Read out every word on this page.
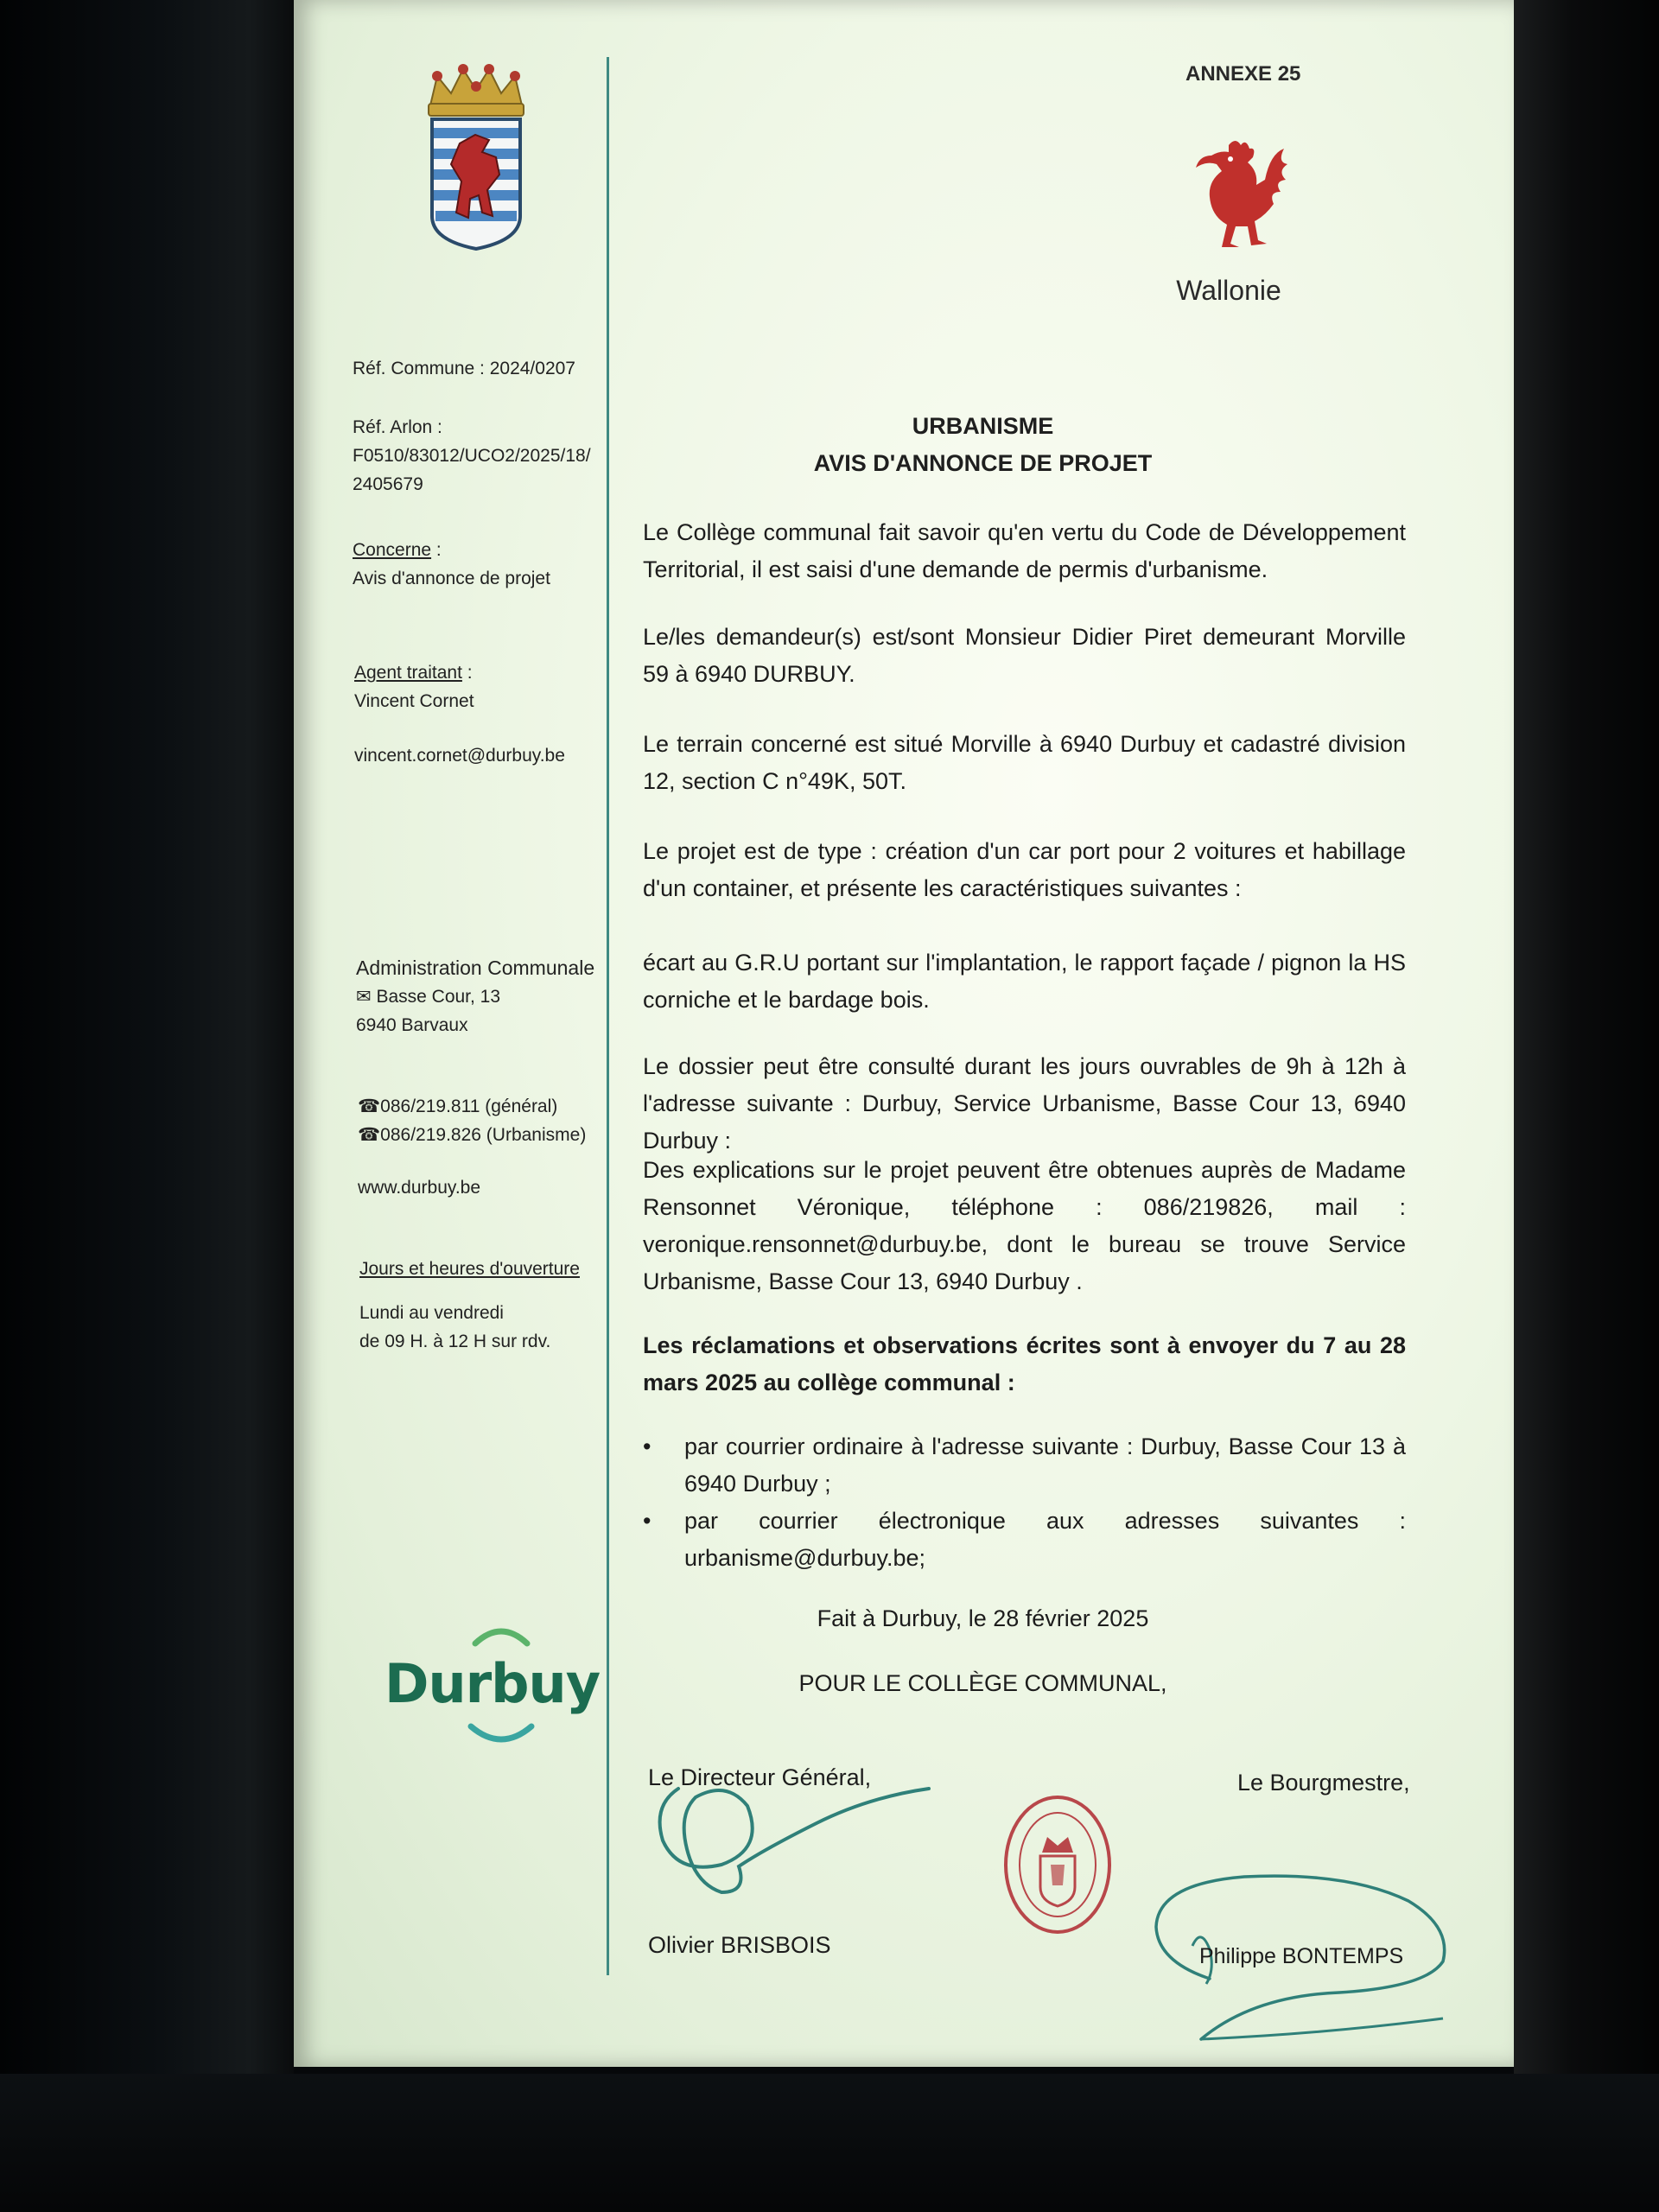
Réf. Commune : 2024/0207
Réf. Arlon :
F0510/83012/UCO2/2025/18/
2405679
Concerne :
Avis d'annonce de projet
Agent traitant :
Vincent Cornet
vincent.cornet@durbuy.be
Administration Communale
✉ Basse Cour, 13
6940 Barvaux
☎086/219.811 (général)
☎086/219.826 (Urbanisme)
www.durbuy.be
Jours et heures d'ouverture
Lundi au vendredi
de 09 H. à 12 H sur rdv.
Durbuy
ANNEXE 25
Wallonie
URBANISME
AVIS D'ANNONCE DE PROJET
Le Collège communal fait savoir qu'en vertu du Code de Développement Territorial, il est saisi d'une demande de permis d'urbanisme.
Le/les demandeur(s) est/sont Monsieur Didier Piret demeurant Morville 59 à 6940 DURBUY.
Le terrain concerné est situé Morville à 6940 Durbuy et cadastré division 12, section C n°49K, 50T.
Le projet est de type : création d'un car port pour 2 voitures et habillage d'un container, et présente les caractéristiques suivantes :
écart au G.R.U portant sur l'implantation, le rapport façade / pignon la HS corniche et le bardage bois.
Le dossier peut être consulté durant les jours ouvrables de 9h à 12h à l'adresse suivante : Durbuy, Service Urbanisme, Basse Cour 13, 6940 Durbuy :
Des explications sur le projet peuvent être obtenues auprès de Madame Rensonnet Véronique, téléphone : 086/219826, mail : veronique.rensonnet@durbuy.be, dont le bureau se trouve Service Urbanisme, Basse Cour 13, 6940 Durbuy .
Les réclamations et observations écrites sont à envoyer du 7 au 28 mars 2025 au collège communal :
•	par courrier ordinaire à l'adresse suivante : Durbuy, Basse Cour 13 à 6940 Durbuy ;
•	par courrier électronique aux adresses suivantes : urbanisme@durbuy.be;
Fait à Durbuy, le 28 février 2025
POUR LE COLLÈGE COMMUNAL,
Le Directeur Général,
Olivier BRISBOIS
Le Bourgmestre,
Philippe BONTEMPS
